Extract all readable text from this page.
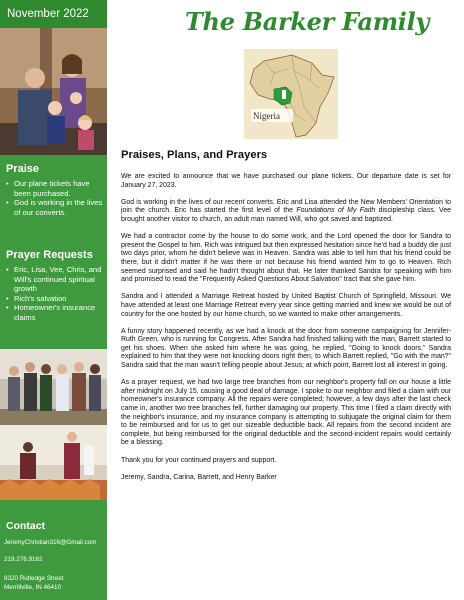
November 2022
Praise
• Our plane tickets have been purchased.
• God is working in the lives of our converts.
Prayer Requests
• Eric, Lisa, Vee, Chris, and Will's continued spiritual growth
• Rich's salvation
• Homeowner's insurance claims
Contact
JeremyChristian316@Gmail.com
219.276.9162
8320 Rutledge Street
Merrillville, IN 46410
The Barker Family
Nigeria
Praises, Plans, and Prayers

We are excited to announce that we have purchased our plane tickets. Our departure date is set for January 27, 2023.

God is working in the lives of our recent converts. Eric and Lisa attended the New Members' Orientation to join the church. Eric has started the first level of the Foundations of My Faith discipleship class. Vee brought another visitor to church, an adult man named Will, who got saved and baptized.

We had a contractor come by the house to do some work, and the Lord opened the door for Sandra to present the Gospel to him. Rich was intrigued but then expressed hesitation since he'd had a buddy die just two days prior, whom he didn't believe was in Heaven. Sandra was able to tell him that his friend could be there, but it didn't matter if he was there or not because his friend wanted him to go to Heaven. Rich seemed surprised and said he hadn't thought about that. He later thanked Sandra for speaking with him and promised to read the "Frequently Asked Questions About Salvation" tract that she gave him.

Sandra and I attended a Marriage Retreat hosted by United Baptist Church of Springfield, Missouri. We have attended at least one Marriage Retreat every year since getting married and knew we would be out of country for the one hosted by our home church, so we wanted to make other arrangements.

A funny story happened recently, as we had a knock at the door from someone campaigning for Jennifer-Ruth Green, who is running for Congress. After Sandra had finished talking with the man, Barrett started to get his shoes. When she asked him where he was going, he replied, "Going to knock doors." Sandra explained to him that they were not knocking doors right then; to which Barrett replied, "Go with the man?" Sandra said that the man wasn't telling people about Jesus; at which point, Barrett lost all interest in going.

As a prayer request, we had two large tree branches from our neighbor's property fall on our house a little after midnight on July 15, causing a good deal of damage. I spoke to our neighbor and filed a claim with our homeowner's insurance company. All the repairs were completed; however, a few days after the last check came in, another two tree branches fell, further damaging our property. This time I filed a claim directly with the neighbor's insurance, and my insurance company is attempting to subjugate the original claim for them to be reimbursed and for us to get our sizeable deductible back. All repairs from the second incident are complete, but being reimbursed for the original deductible and the second-incident repairs would certainly be a blessing.

Thank you for your continued prayers and support.

Jeremy, Sandra, Carina, Barrett, and Henry Barker
